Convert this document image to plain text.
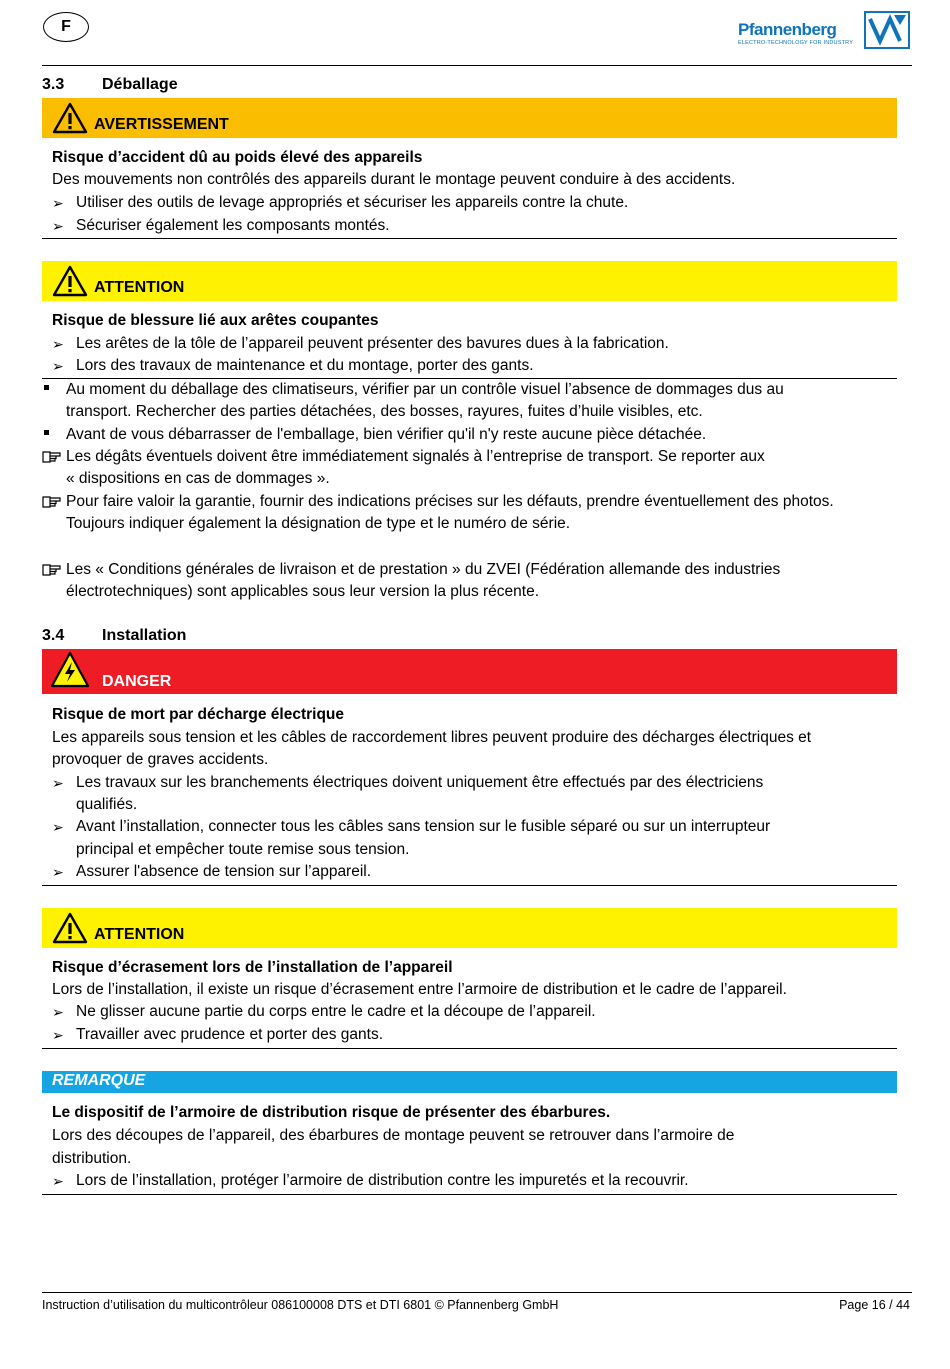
F	Pfannenberg
ELECTRO-TECHNOLOGY FOR INDUSTRY
3.3 Déballage
AVERTISSEMENT
Risque d’accident dû au poids élevé des appareils
Des mouvements non contrôlés des appareils durant le montage peuvent conduire à des accidents.
➢ Utiliser des outils de levage appropriés et sécuriser les appareils contre la chute.
➢ Sécuriser également les composants montés.
ATTENTION
Risque de blessure lié aux arêtes coupantes
➢ Les arêtes de la tôle de l’appareil peuvent présenter des bavures dues à la fabrication.
➢ Lors des travaux de maintenance et du montage, porter des gants.
Au moment du déballage des climatiseurs, vérifier par un contrôle visuel l’absence de dommages dus au
transport. Rechercher des parties détachées, des bosses, rayures, fuites d’huile visibles, etc.
Avant de vous débarrasser de l'emballage, bien vérifier qu'il n'y reste aucune pièce détachée.
Les dégâts éventuels doivent être immédiatement signalés à l’entreprise de transport. Se reporter aux
« dispositions en cas de dommages ».
Pour faire valoir la garantie, fournir des indications précises sur les défauts, prendre éventuellement des photos.
Toujours indiquer également la désignation de type et le numéro de série.
Les « Conditions générales de livraison et de prestation » du ZVEI (Fédération allemande des industries
électrotechniques) sont applicables sous leur version la plus récente.
3.4 Installation
DANGER
Risque de mort par décharge électrique
Les appareils sous tension et les câbles de raccordement libres peuvent produire des décharges électriques et
provoquer de graves accidents.
➢ Les travaux sur les branchements électriques doivent uniquement être effectués par des électriciens
qualifiés.
➢ Avant l’installation, connecter tous les câbles sans tension sur le fusible séparé ou sur un interrupteur
principal et empêcher toute remise sous tension.
➢ Assurer l'absence de tension sur l’appareil.
ATTENTION
Risque d’écrasement lors de l’installation de l’appareil
Lors de l’installation, il existe un risque d’écrasement entre l’armoire de distribution et le cadre de l’appareil.
➢ Ne glisser aucune partie du corps entre le cadre et la découpe de l’appareil.
➢ Travailler avec prudence et porter des gants.
REMARQUE
Le dispositif de l’armoire de distribution risque de présenter des ébarbures.
Lors des découpes de l’appareil, des ébarbures de montage peuvent se retrouver dans l’armoire de
distribution.
➢ Lors de l’installation, protéger l’armoire de distribution contre les impuretés et la recouvrir.
Instruction d’utilisation du multicontrôleur 086100008 DTS et DTI 6801 © Pfannenberg GmbH	Page 16 / 44
